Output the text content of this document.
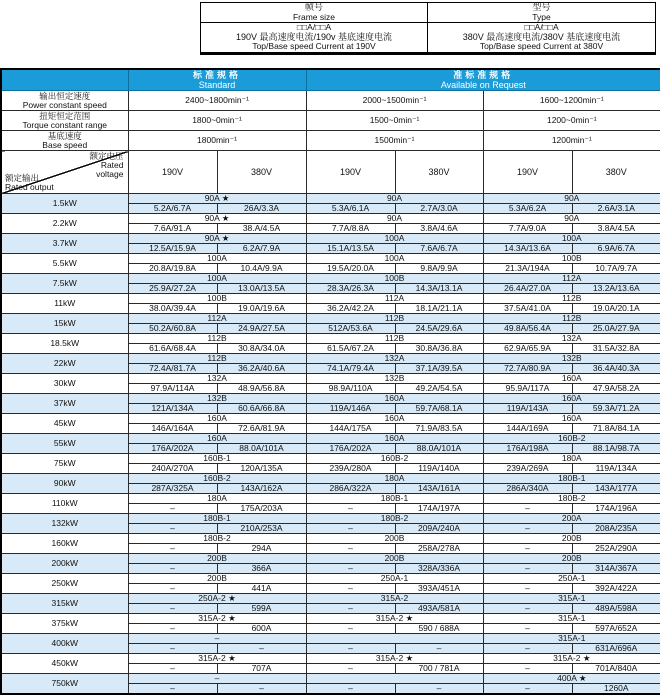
帧号
Frame size
型号
Type
□□A/□□A
190V 最高速度电流/190v 基底速度电流
Top/Base speed Current at 190V
□□A/□□A
380V 最高速度电流/380V 基底速度电流
Top/Base speed Current at 380V

标准规格
Standard

准标准规格
Available on Request

输出恒定速度
Power constant speed	2400~1800min⁻¹		2000~1500min⁻¹		1600~1200min⁻¹	

扭矩恒定范围
Torque constant range	1800~0min⁻¹		1500~0min⁻¹		1200~0min⁻¹	

基底速度
Base speed	1800min⁻¹		1500min⁻¹		1200min⁻¹	

额定电压
Rated
voltage
额定输出
Rated output	190V	380V	190V	380V	190V	380V
1.5kW	90A ★		90A		90A	
	5.2A/6.7A	26A/3.3A	5.3A/6.1A	2.7A/3.0A	5.3A/6.2A	2.6A/3.1A
2.2kW	90A ★		90A		90A	
	7.6A/91.A	38.A/4.5A	7.7A/8.8A	3.8A/4.6A	7.7A/9.0A	3.8A/4.5A
3.7kW	90A ★		100A		100A	
	12.5A/15.9A	6.2A/7.9A	15.1A/13.5A	7.6A/6.7A	14.3A/13.6A	6.9A/6.7A
5.5kW	100A		100A		100B	
	20.8A/19.8A	10.4A/9.9A	19.5A/20.0A	9.8A/9.9A	21.3A/194A	10.7A/9.7A
7.5kW	100A		100B		112A	
	25.9A/27.2A	13.0A/13.5A	28.3A/26.3A	14.3A/13.1A	26.4A/27.0A	13.2A/13.6A
11kW	100B		112A		112B	
	38.0A/39.4A	19.0A/19.6A	36.2A/42.2A	18.1A/21.1A	37.5A/41.0A	19.0A/20.1A
15kW	112A		112B		112B	
	50.2A/60.8A	24.9A/27.5A	512A/53.6A	24.5A/29.6A	49.8A/56.4A	25.0A/27.9A
18.5kW	112B		112B		132A	
	61.6A/68.4A	30.8A/34.0A	61.5A/67.2A	30.8A/36.8A	62.9A/65.9A	31.5A/32.8A
22kW	112B		132A		132B	
	72.4A/81.7A	36.2A/40.6A	74.1A/79.4A	37.1A/39.5A	72.7A/80.9A	36.4A/40.3A
30kW	132A		132B		160A	
	97.9A/114A	48.9A/56.8A	98.9A/110A	49.2A/54.5A	95.9A/117A	47.9A/58.2A
37kW	132B		160A		160A	
	121A/134A	60.6A/66.8A	119A/146A	59.7A/68.1A	119A/143A	59.3A/71.2A
45kW	160A		160A		160A	
	146A/164A	72.6A/81.9A	144A/175A	71.9A/83.5A	144A/169A	71.8A/84.1A
55kW	160A		160A		160B-2	
	176A/202A	88.0A/101A	176A/202A	88.0A/101A	176A/198A	88.1A/98.7A
75kW	160B-1		160B-2		180A	
	240A/270A	120A/135A	239A/280A	119A/140A	239A/269A	119A/134A
90kW	160B-2		180A		180B-1	
	287A/325A	143A/162A	286A/322A	143A/161A	286A/340A	143A/177A
110kW	180A		180B-1		180B-2	
	–	175A/203A	–	174A/197A	–	174A/196A
132kW	180B-1		180B-2		200A	
	–	210A/253A	–	209A/240A	–	208A/235A
160kW	180B-2		200B		200B	
	–	294A	–	258A/278A	–	252A/290A
200kW	200B		200B		200B	
	–	366A	–	328A/336A	–	314A/367A
250kW	200B		250A-1		250A-1	
	–	441A	–	393A/451A	–	392A/422A
315kW	250A-2 ★		315A-2		315A-1	
	–	599A	–	493A/581A	–	489A/598A
375kW	315A-2 ★		315A-2 ★		315A-1	
	–	600A	–	590 / 688A	–	597A/652A
400kW	–				315A-1	
	–	–	–	–	–	631A/696A
450kW	315A-2 ★		315A-2 ★		315A-2 ★	
	–	707A	–	700 / 781A	–	701A/840A
750kW	–				400A ★	
	–	–	–	–	–	1260A
